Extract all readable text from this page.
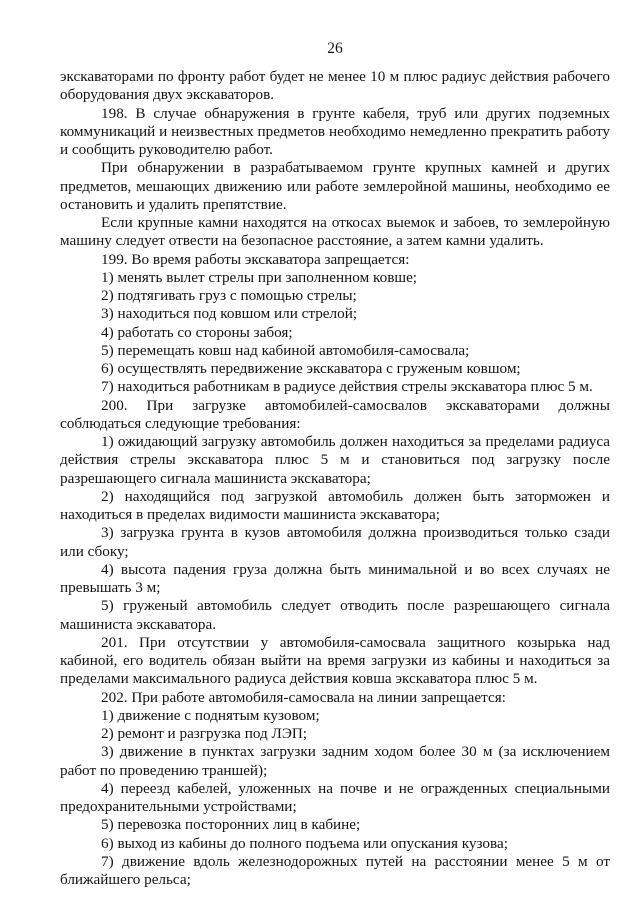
26

экскаваторами по фронту работ будет не менее 10 м плюс радиус действия рабочего оборудования двух экскаваторов.

198. В случае обнаружения в грунте кабеля, труб или других подземных коммуникаций и неизвестных предметов необходимо немедленно прекратить работу и сообщить руководителю работ.

При обнаружении в разрабатываемом грунте крупных камней и других предметов, мешающих движению или работе землеройной машины, необходимо ее остановить и удалить препятствие.

Если крупные камни находятся на откосах выемок и забоев, то землеройную машину следует отвести на безопасное расстояние, а затем камни удалить.

199. Во время работы экскаватора запрещается:

1) менять вылет стрелы при заполненном ковше;

2) подтягивать груз с помощью стрелы;

3) находиться под ковшом или стрелой;

4) работать со стороны забоя;

5) перемещать ковш над кабиной автомобиля-самосвала;

6) осуществлять передвижение экскаватора с груженым ковшом;

7) находиться работникам в радиусе действия стрелы экскаватора плюс 5 м.

200. При загрузке автомобилей-самосвалов экскаваторами должны соблюдаться следующие требования:

1) ожидающий загрузку автомобиль должен находиться за пределами радиуса действия стрелы экскаватора плюс 5 м и становиться под загрузку после разрешающего сигнала машиниста экскаватора;

2) находящийся под загрузкой автомобиль должен быть заторможен и находиться в пределах видимости машиниста экскаватора;

3) загрузка грунта в кузов автомобиля должна производиться только сзади или сбоку;

4) высота падения груза должна быть минимальной и во всех случаях не превышать 3 м;

5) груженый автомобиль следует отводить после разрешающего сигнала машиниста экскаватора.

201. При отсутствии у автомобиля-самосвала защитного козырька над кабиной, его водитель обязан выйти на время загрузки из кабины и находиться за пределами максимального радиуса действия ковша экскаватора плюс 5 м.

202. При работе автомобиля-самосвала на линии запрещается:

1) движение с поднятым кузовом;

2) ремонт и разгрузка под ЛЭП;

3) движение в пунктах загрузки задним ходом более 30 м (за исключением работ по проведению траншей);

4) переезд кабелей, уложенных на почве и не огражденных специальными предохранительными устройствами;

5) перевозка посторонних лиц в кабине;

6) выход из кабины до полного подъема или опускания кузова;

7) движение вдоль железнодорожных путей на расстоянии менее 5 м от ближайшего рельса;
